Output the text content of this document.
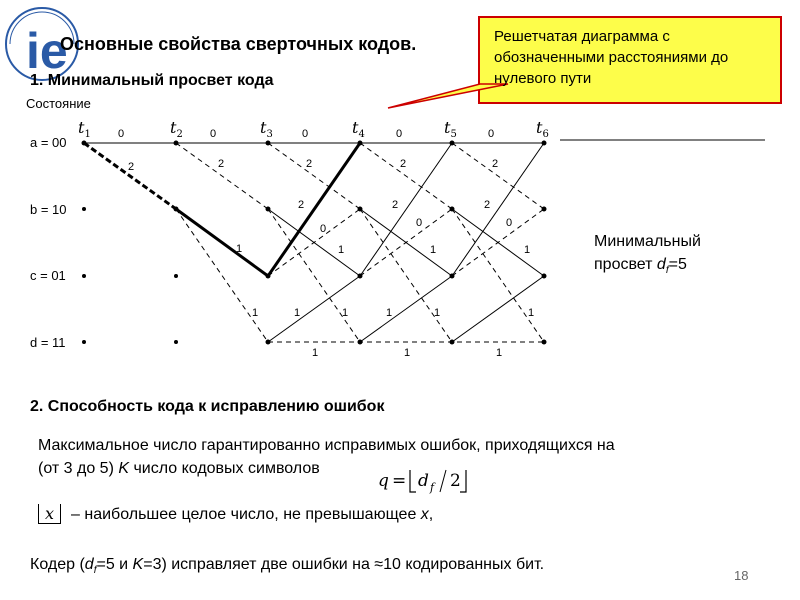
ie
Основные свойства сверточных кодов.	Решетчатая диаграмма с обозначенными расстояниями до нулевого пути
1. Минимальный просвет кода
Состояние
a = 00
b = 10
c = 01
d = 11
$t_1$	$t_2$	$t_3$	$t_4$	$t_5$	$t_6$
0	0	0	0	0
2	2	2	2	2
2	2	2
0	0	0
1	1	1	1
1	1	1	1
1	1
1	1	1
Минимальный
просвет $d_f=5$
2. Способность кода к исправлению ошибок
Максимальное число гарантированно исправимых ошибок, приходящихся на
(от 3 до 5) K число кодовых символов
q = d f 2
x – наибольшее целое число, не превышающее x,
Кодер ($d_f=5$ и K=3) исправляет две ошибки на ≈10 кодированных бит.
18
